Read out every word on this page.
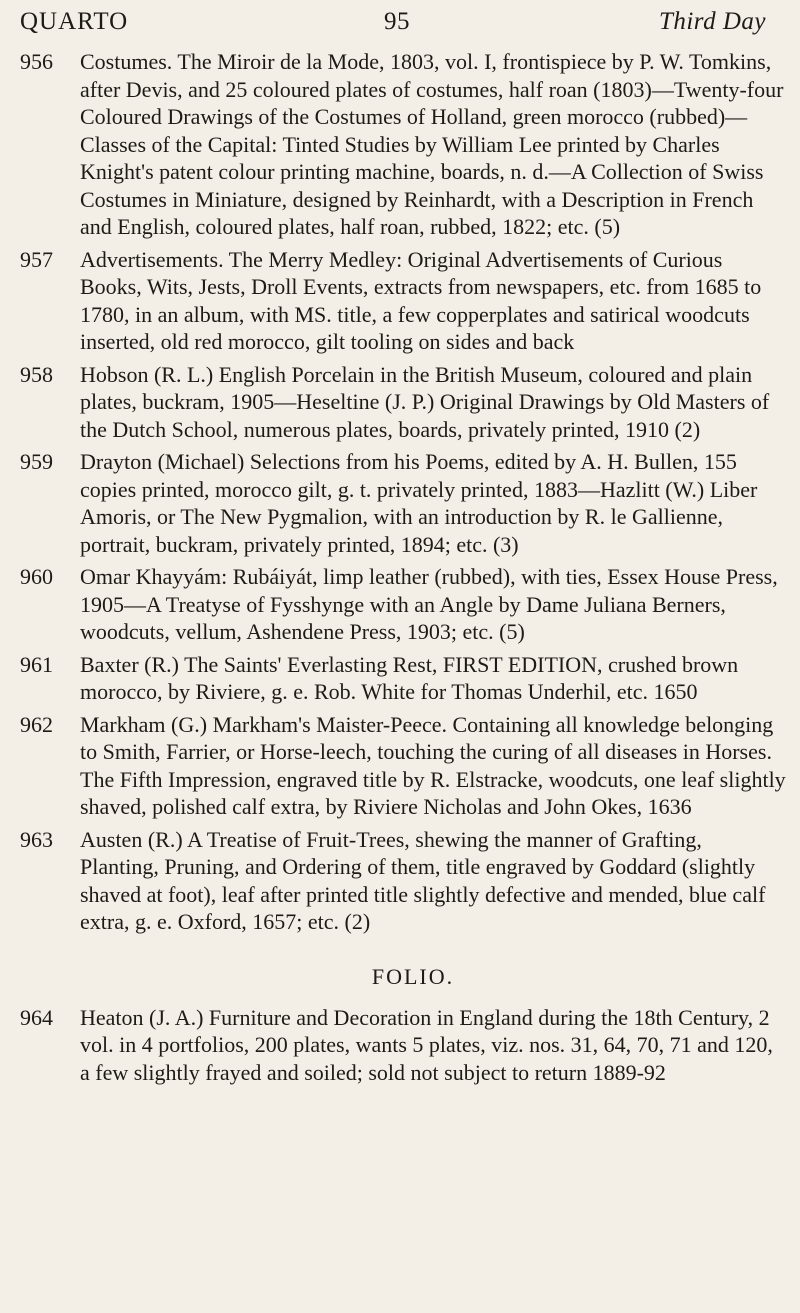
QUARTO	95	Third Day
956	Costumes. The Miroir de la Mode, 1803, vol. I, frontispiece by P. W. Tomkins, after Devis, and 25 coloured plates of costumes, half roan (1803)—Twenty-four Coloured Drawings of the Costumes of Holland, green morocco (rubbed)—Classes of the Capital: Tinted Studies by William Lee printed by Charles Knight's patent colour printing machine, boards, n. d.—A Collection of Swiss Costumes in Miniature, designed by Reinhardt, with a Description in French and English, coloured plates, half roan, rubbed, 1822; etc. (5)
957	Advertisements. The Merry Medley: Original Advertisements of Curious Books, Wits, Jests, Droll Events, extracts from newspapers, etc. from 1685 to 1780, in an album, with MS. title, a few copperplates and satirical woodcuts inserted, old red morocco, gilt tooling on sides and back
958	Hobson (R. L.) English Porcelain in the British Museum, coloured and plain plates, buckram, 1905—Heseltine (J. P.) Original Drawings by Old Masters of the Dutch School, numerous plates, boards, privately printed, 1910 (2)
959	Drayton (Michael) Selections from his Poems, edited by A. H. Bullen, 155 copies printed, morocco gilt, g. t. privately printed, 1883—Hazlitt (W.) Liber Amoris, or The New Pygmalion, with an introduction by R. le Gallienne, portrait, buckram, privately printed, 1894; etc. (3)
960	Omar Khayyám: Rubáiyát, limp leather (rubbed), with ties, Essex House Press, 1905—A Treatyse of Fysshynge with an Angle by Dame Juliana Berners, woodcuts, vellum, Ashendene Press, 1903; etc. (5)
961	Baxter (R.) The Saints' Everlasting Rest, FIRST EDITION, crushed brown morocco, by Riviere, g. e. Rob. White for Thomas Underhil, etc. 1650
962	Markham (G.) Markham's Maister-Peece. Containing all knowledge belonging to Smith, Farrier, or Horse-leech, touching the curing of all diseases in Horses. The Fifth Impression, engraved title by R. Elstracke, woodcuts, one leaf slightly shaved, polished calf extra, by Riviere Nicholas and John Okes, 1636
963	Austen (R.) A Treatise of Fruit-Trees, shewing the manner of Grafting, Planting, Pruning, and Ordering of them, title engraved by Goddard (slightly shaved at foot), leaf after printed title slightly defective and mended, blue calf extra, g. e. Oxford, 1657; etc. (2)
FOLIO.
964	Heaton (J. A.) Furniture and Decoration in England during the 18th Century, 2 vol. in 4 portfolios, 200 plates, wants 5 plates, viz. nos. 31, 64, 70, 71 and 120, a few slightly frayed and soiled; sold not subject to return 1889-92
